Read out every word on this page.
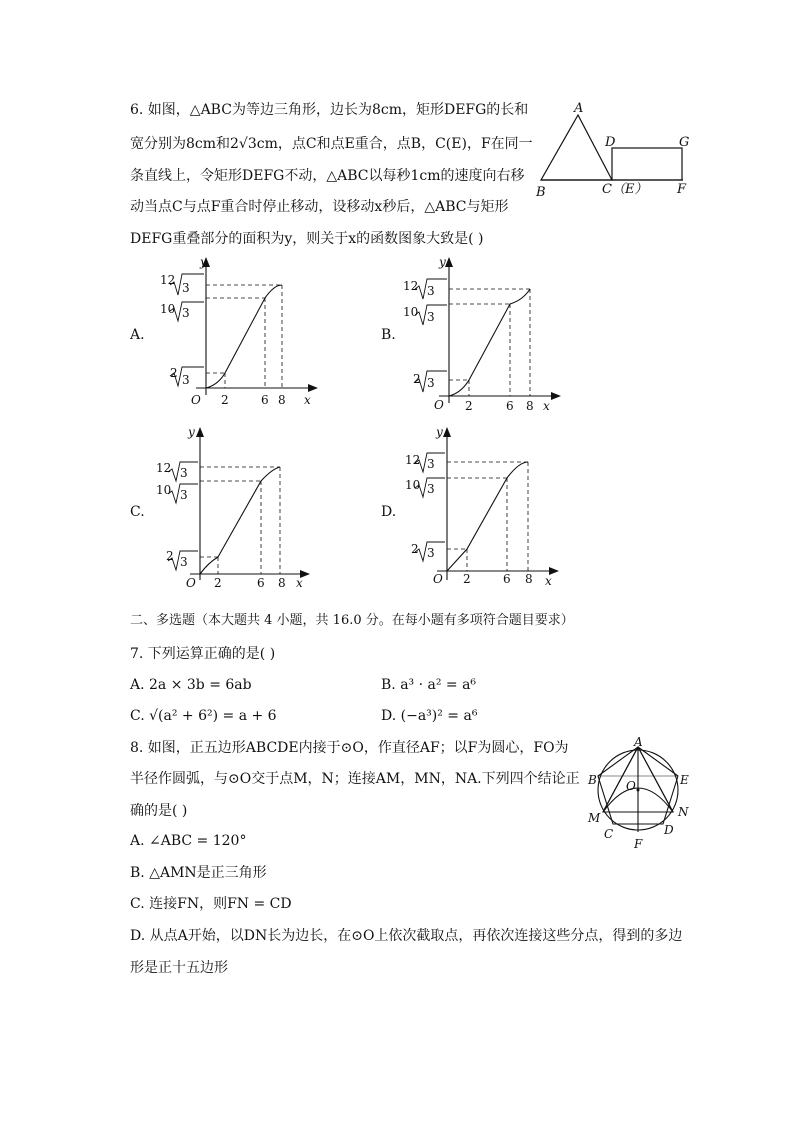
6. 如图，△ABC为等边三角形，边长为8cm，矩形DEFG的长和
宽分别为8cm和2√3cm，点C和点E重合，点B，C(E)，F在同一
条直线上，令矩形DEFG不动，△ABC以每秒1cm的速度向右移
动当点C与点F重合时停止移动，设移动x秒后，△ABC与矩形
DEFG重叠部分的面积为y，则关于x的函数图象大致是( )
A
B	C（E）
D	G
F
A.	B.
C.	D.
y
x
O 2	6 8
12
10
2
3
3
3
y
x
O 2	6 8
12
10
2
3
3
3
y
x
O 2	6 8
12
10
2
3
3
3
y
x
O 2	6 8
12
10
2
3
3
3
二、多选题（本大题共 4 小题，共 16.0 分。在每小题有多项符合题目要求）
7. 下列运算正确的是( )
A. 2a × 3b = 6ab	B. a³ · a² = a⁶
C. √(a² + 6²) = a + 6	D. (−a³)² = a⁶
8. 如图，正五边形ABCDE内接于⊙O，作直径AF；以F为圆心，FO为
半径作圆弧，与⊙O交于点M，N；连接AM，MN，NA.下列四个结论正
确的是( )
A. ∠ABC = 120°
B. △AMN是正三角形
C. 连接FN，则FN = CD
D. 从点A开始，以DN长为边长，在⊙O上依次截取点，再依次连接这些分点，得到的多边
形是正十五边形
A
B	E
O
M	N
C	D
F
